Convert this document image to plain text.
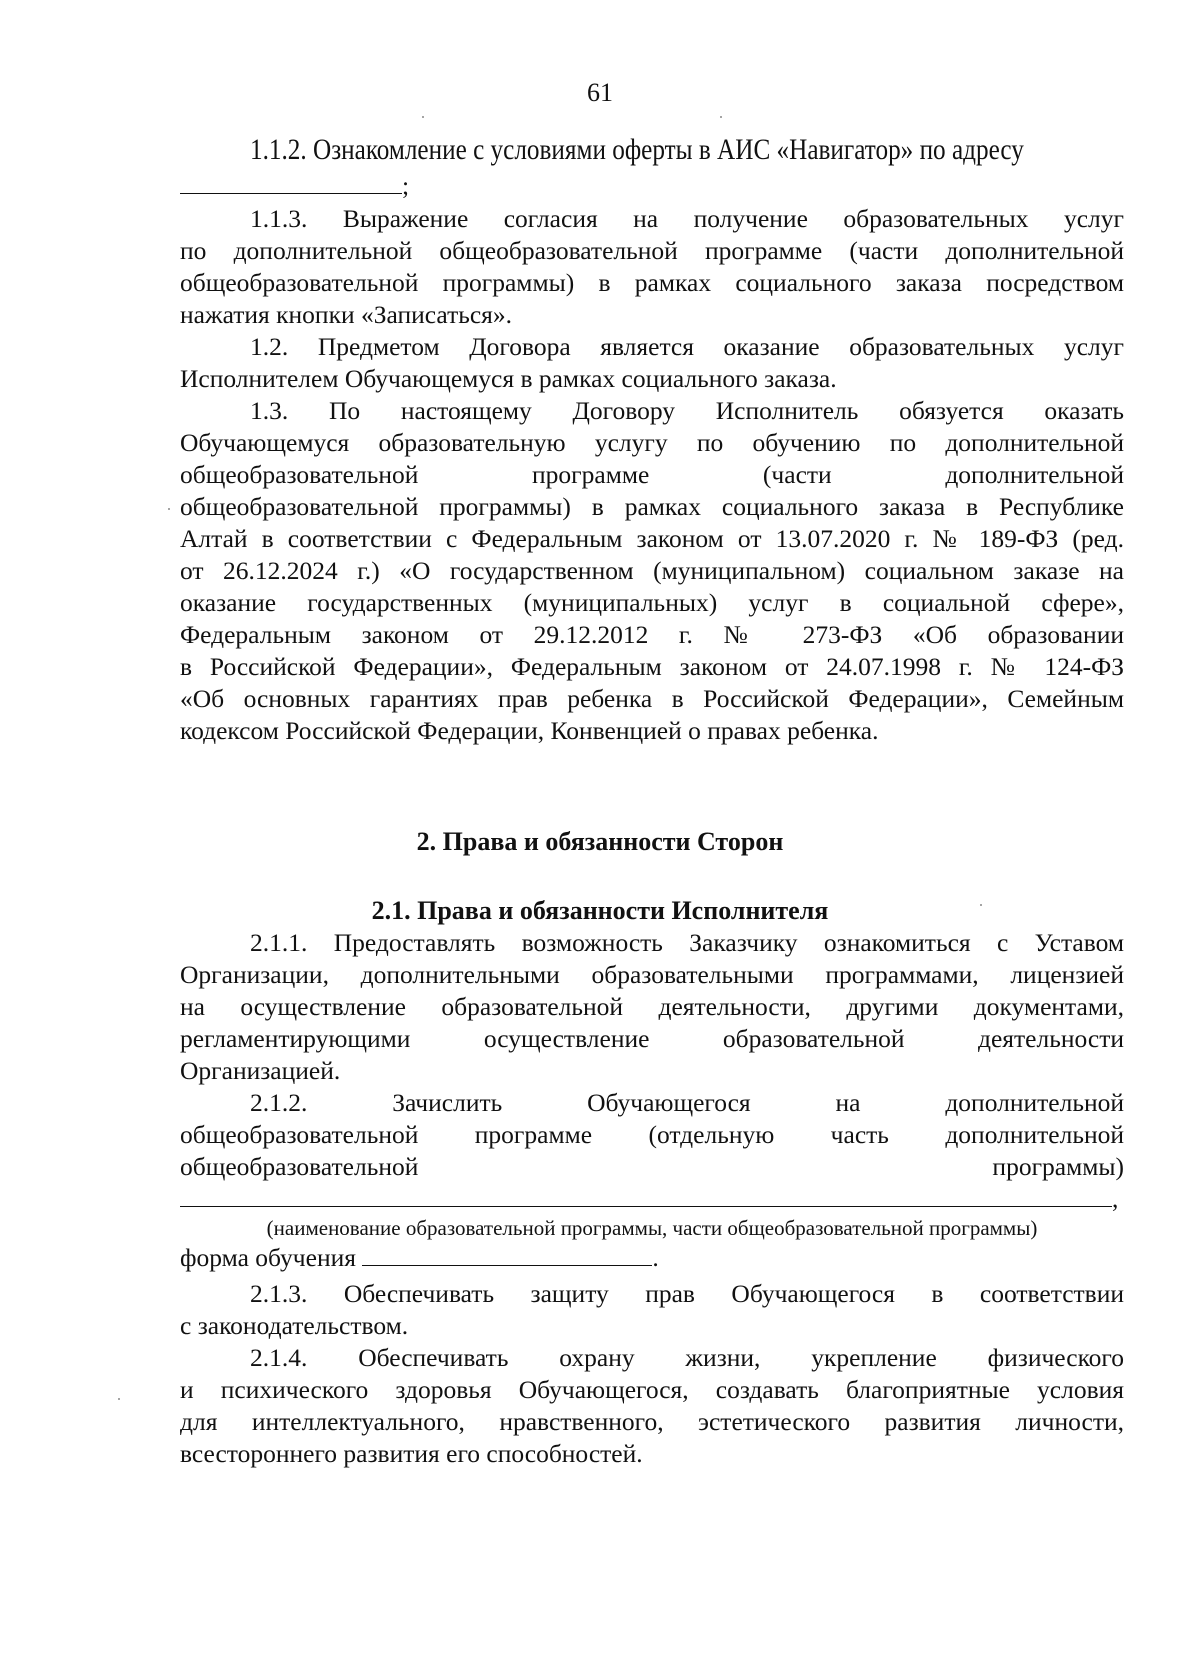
61
1.1.2. Ознакомление с условиями оферты в АИС «Навигатор» по адресу
;
1.1.3. Выражение согласия на получение образовательных услуг
по дополнительной общеобразовательной программе (части дополнительной
общеобразовательной программы) в рамках социального заказа посредством
нажатия кнопки «Записаться».
1.2. Предметом Договора является оказание образовательных услуг
Исполнителем Обучающемуся в рамках социального заказа.
1.3. По настоящему Договору Исполнитель обязуется оказать
Обучающемуся образовательную услугу по обучению по дополнительной
общеобразовательной программе (части дополнительной
общеобразовательной программы) в рамках социального заказа в Республике
Алтай в соответствии с Федеральным законом от 13.07.2020 г. № 189-ФЗ (ред.
от 26.12.2024 г.) «О государственном (муниципальном) социальном заказе на
оказание государственных (муниципальных) услуг в социальной сфере»,
Федеральным законом от 29.12.2012 г. № 273-ФЗ «Об образовании
в Российской Федерации», Федеральным законом от 24.07.1998 г. № 124-ФЗ
«Об основных гарантиях прав ребенка в Российской Федерации», Семейным
кодексом Российской Федерации, Конвенцией о правах ребенка.
2. Права и обязанности Сторон
2.1. Права и обязанности Исполнителя
2.1.1. Предоставлять возможность Заказчику ознакомиться с Уставом
Организации, дополнительными образовательными программами, лицензией
на осуществление образовательной деятельности, другими документами,
регламентирующими осуществление образовательной деятельности
Организацией.
2.1.2. Зачислить Обучающегося на дополнительной
общеобразовательной программе (отдельную часть дополнительной
общеобразовательной программы)
,
(наименование образовательной программы, части общеобразовательной программы)
форма обучения	.
2.1.3. Обеспечивать защиту прав Обучающегося в соответствии
с законодательством.
2.1.4. Обеспечивать охрану жизни, укрепление физического
и психического здоровья Обучающегося, создавать благоприятные условия
для интеллектуального, нравственного, эстетического развития личности,
всестороннего развития его способностей.
